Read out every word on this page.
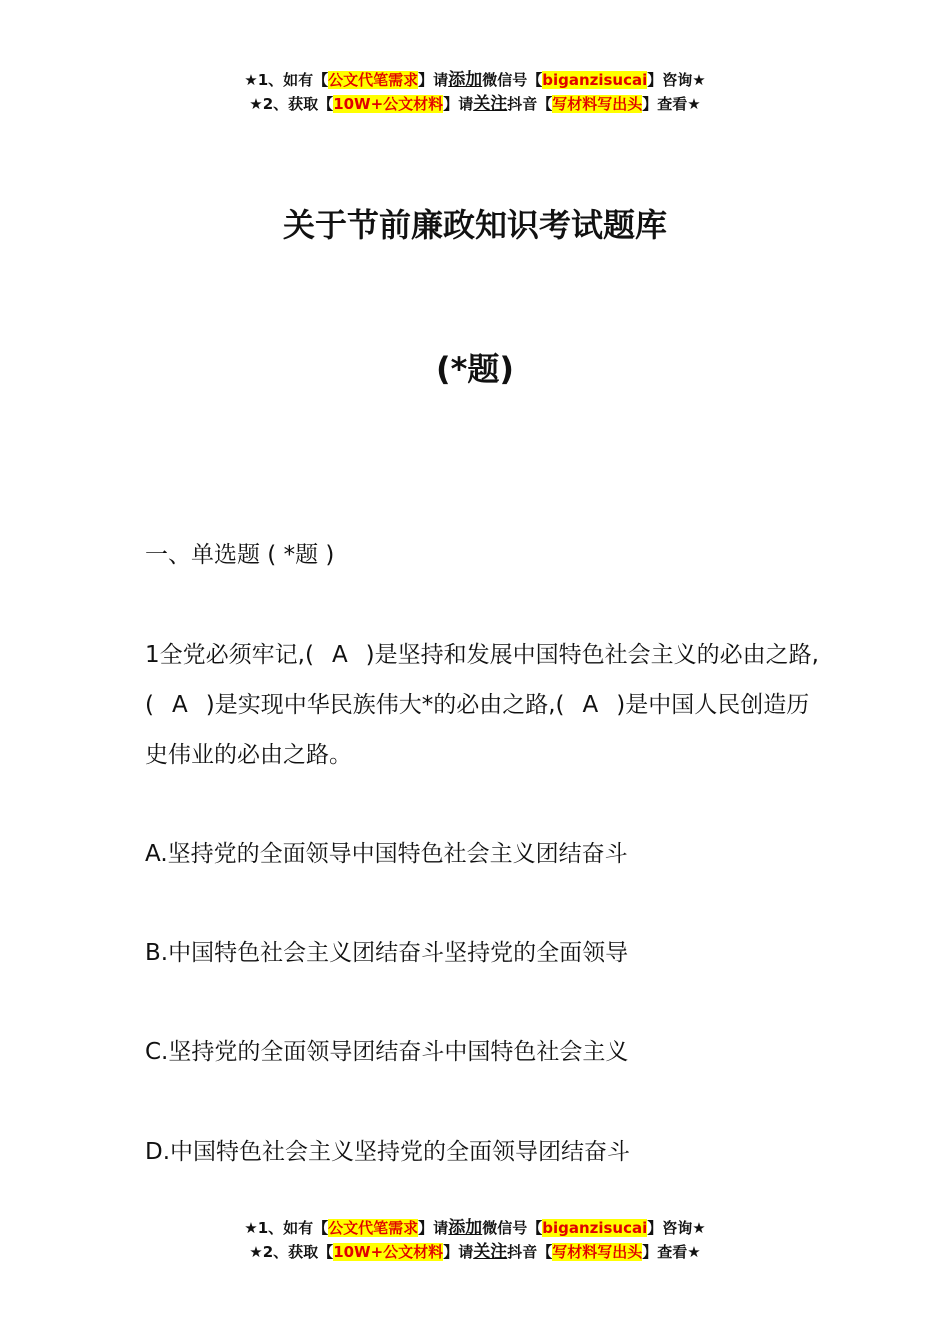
★1、如有【公文代笔需求】请添加微信号【biganzisucai】咨询★
★2、获取【10W+公文材料】请关注抖音【写材料写出头】查看★
关于节前廉政知识考试题库
(*题)
一、单选题 ( *题 )
1全党必须牢记,( A )是坚持和发展中国特色社会主义的必由之路,( A )是实现中华民族伟大*的必由之路,( A )是中国人民创造历史伟业的必由之路。
A.坚持党的全面领导中国特色社会主义团结奋斗
B.中国特色社会主义团结奋斗坚持党的全面领导
C.坚持党的全面领导团结奋斗中国特色社会主义
D.中国特色社会主义坚持党的全面领导团结奋斗
★1、如有【公文代笔需求】请添加微信号【biganzisucai】咨询★
★2、获取【10W+公文材料】请关注抖音【写材料写出头】查看★
